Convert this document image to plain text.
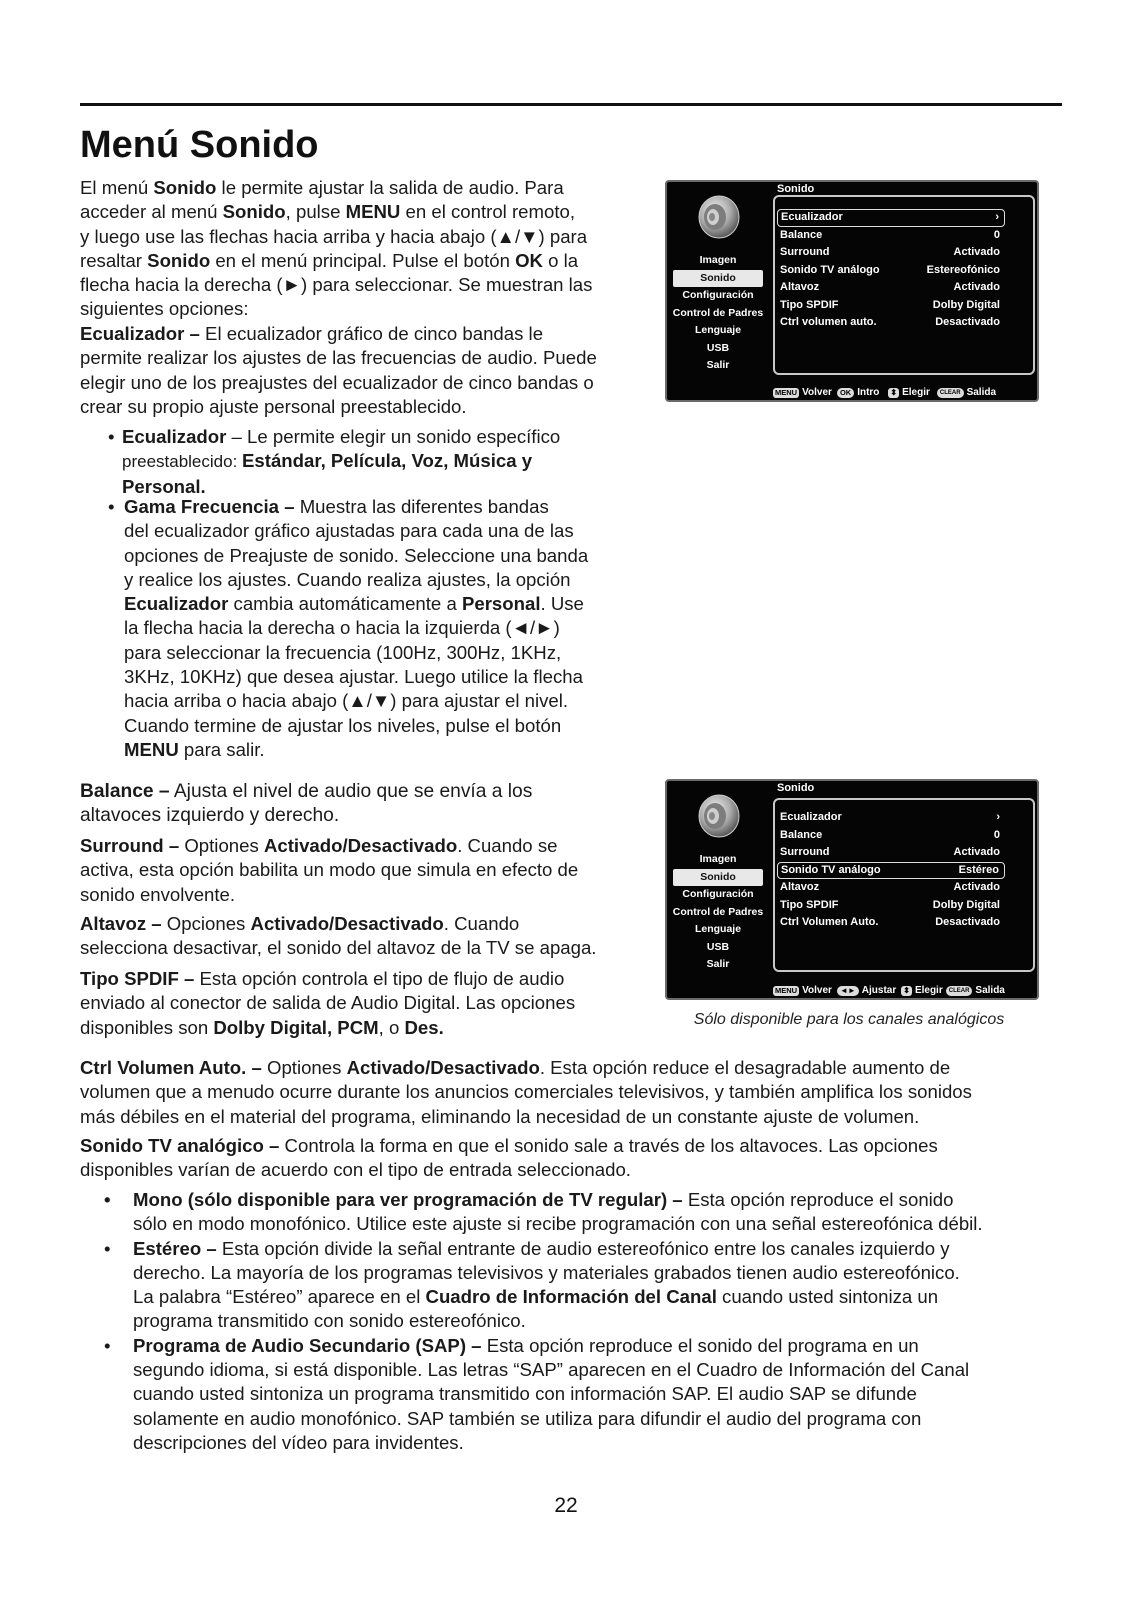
Menú Sonido
El menú Sonido le permite ajustar la salida de audio. Para
acceder al menú Sonido, pulse MENU en el control remoto,
y luego use las flechas hacia arriba y hacia abajo (▲/▼) para
resaltar Sonido en el menú principal. Pulse el botón OK o la
flecha hacia la derecha (►) para seleccionar. Se muestran las
siguientes opciones:
Ecualizador – El ecualizador gráfico de cinco bandas le
permite realizar los ajustes de las frecuencias de audio. Puede
elegir uno de los preajustes del ecualizador de cinco bandas o
crear su propio ajuste personal preestablecido.
• Ecualizador – Le permite elegir un sonido específico
preestablecido: Estándar, Película, Voz, Música y
Personal.
• Gama Frecuencia – Muestra las diferentes bandas
del ecualizador gráfico ajustadas para cada una de las
opciones de Preajuste de sonido. Seleccione una banda
y realice los ajustes. Cuando realiza ajustes, la opción
Ecualizador cambia automáticamente a Personal. Use
la flecha hacia la derecha o hacia la izquierda (◄/►)
para seleccionar la frecuencia (100Hz, 300Hz, 1KHz,
3KHz, 10KHz) que desea ajustar. Luego utilice la flecha
hacia arriba o hacia abajo (▲/▼) para ajustar el nivel.
Cuando termine de ajustar los niveles, pulse el botón
MENU para salir.
Balance – Ajusta el nivel de audio que se envía a los
altavoces izquierdo y derecho.
Surround – Optiones Activado/Desactivado. Cuando se
activa, esta opción babilita un modo que simula en efecto de
sonido envolvente.
Altavoz – Opciones Activado/Desactivado. Cuando
selecciona desactivar, el sonido del altavoz de la TV se apaga.
Tipo SPDIF – Esta opción controla el tipo de flujo de audio
enviado al conector de salida de Audio Digital. Las opciones
disponibles son Dolby Digital, PCM, o Des.
Ctrl Volumen Auto. – Optiones Activado/Desactivado. Esta opción reduce el desagradable aumento de
volumen que a menudo ocurre durante los anuncios comerciales televisivos, y también amplifica los sonidos
más débiles en el material del programa, eliminando la necesidad de un constante ajuste de volumen.
Sonido TV analógico – Controla la forma en que el sonido sale a través de los altavoces. Las opciones
disponibles varían de acuerdo con el tipo de entrada seleccionado.
• Mono (sólo disponible para ver programación de TV regular) – Esta opción reproduce el sonido
sólo en modo monofónico. Utilice este ajuste si recibe programación con una señal estereofónica débil.
• Estéreo – Esta opción divide la señal entrante de audio estereofónico entre los canales izquierdo y
derecho. La mayoría de los programas televisivos y materiales grabados tienen audio estereofónico.
La palabra “Estéreo” aparece en el Cuadro de Información del Canal cuando usted sintoniza un
programa transmitido con sonido estereofónico.
• Programa de Audio Secundario (SAP) – Esta opción reproduce el sonido del programa en un
segundo idioma, si está disponible. Las letras “SAP” aparecen en el Cuadro de Información del Canal
cuando usted sintoniza un programa transmitido con información SAP. El audio SAP se difunde
solamente en audio monofónico. SAP también se utiliza para difundir el audio del programa con
descripciones del vídeo para invidentes.
Imagen
Sonido
Configuración
Control de Padres
Lenguaje
USB
Salir
Sonido
Ecualizador	›
Balance	0
Surround	Activado
Sonido TV análogo	Estereofónico
Altavoz	Activado
Tipo SPDIF	Dolby Digital
Ctrl volumen auto.	Desactivado
MENU Volver	OK Intro ⬍ Elegir	CLEAR Salida
Imagen
Sonido
Configuración
Control de Padres
Lenguaje
USB
Salir
Sonido
Ecualizador	›
Balance	0
Surround	Activado
Sonido TV análogo	Estéreo
Altavoz	Activado
Tipo SPDIF	Dolby Digital
Ctrl Volumen Auto.	Desactivado
MENU Volver	◄► Ajustar ⬍ Elegir	CLEAR Salida
Sólo disponible para los canales analógicos
22
